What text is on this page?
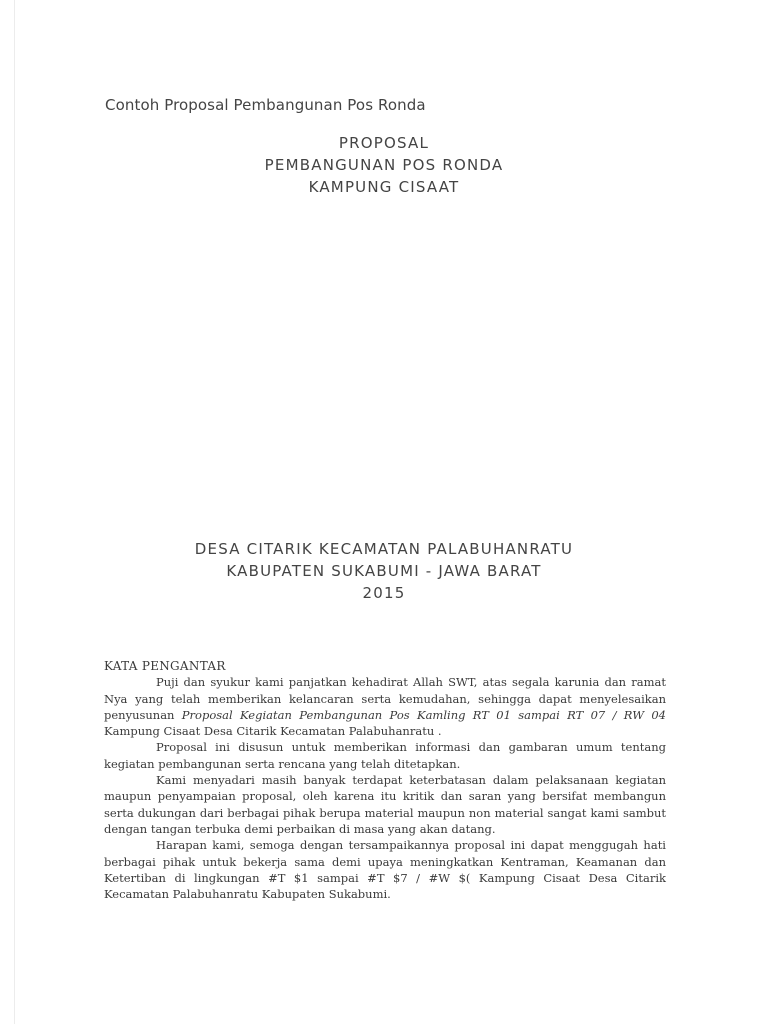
Contoh Proposal Pembangunan Pos Ronda
PROPOSAL
PEMBANGUNAN POS RONDA
KAMPUNG CISAAT
DESA CITARIK KECAMATAN PALABUHANRATU
KABUPATEN SUKABUMI - JAWA BARAT
2015
KATA PENGANTAR

Puji dan syukur kami panjatkan kehadirat Allah SWT, atas segala karunia dan ramat Nya yang telah memberikan kelancaran serta kemudahan, sehingga dapat menyelesaikan penyusunan Proposal Kegiatan Pembangunan Pos Kamling RT 01 sampai RT 07 / RW 04 Kampung Cisaat Desa Citarik Kecamatan Palabuhanratu .

Proposal ini disusun untuk memberikan informasi dan gambaran umum tentang kegiatan pembangunan serta rencana yang telah ditetapkan.

Kami menyadari masih banyak terdapat keterbatasan dalam pelaksanaan kegiatan maupun penyampaian proposal, oleh karena itu kritik dan saran yang bersifat membangun serta dukungan dari berbagai pihak berupa material maupun non material sangat kami sambut dengan tangan terbuka demi perbaikan di masa yang akan datang.

Harapan kami, semoga dengan tersampaikannya proposal ini dapat menggugah hati berbagai pihak untuk bekerja sama demi upaya meningkatkan Kentraman, Keamanan dan Ketertiban di lingkungan #T $1 sampai #T $7 / #W $( Kampung Cisaat Desa Citarik Kecamatan Palabuhanratu Kabupaten Sukabumi.
